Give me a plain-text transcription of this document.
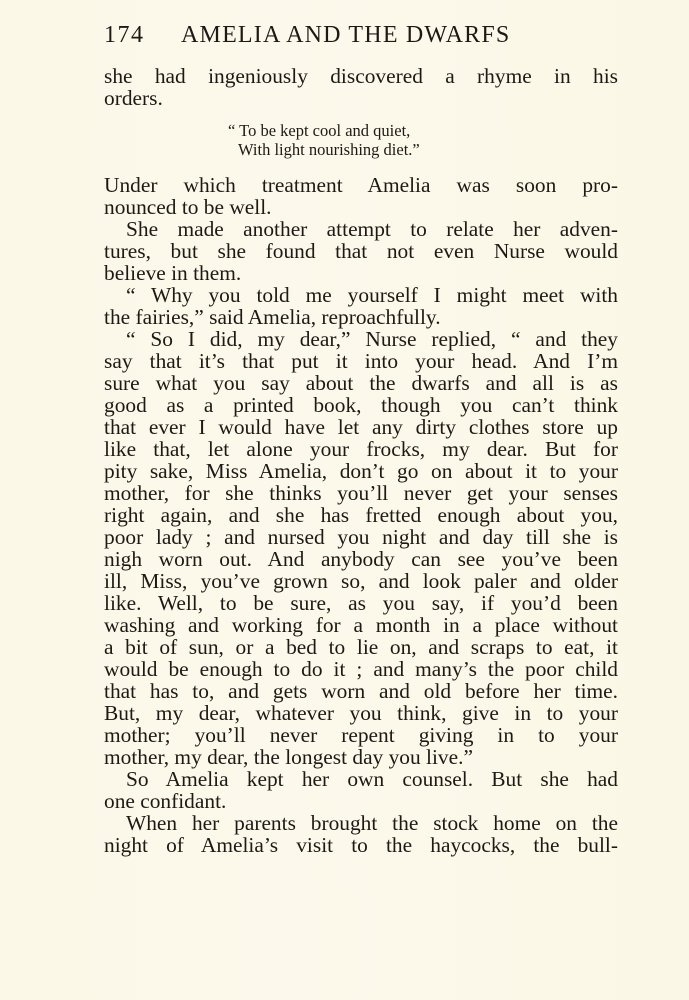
174 AMELIA AND THE DWARFS
she had ingeniously discovered a rhyme in his
orders.
“ To be kept cool and quiet,
With light nourishing diet.”
Under which treatment Amelia was soon pro-
nounced to be well.
She made another attempt to relate her adven-
tures, but she found that not even Nurse would
believe in them.
“ Why you told me yourself I might meet with
the fairies,” said Amelia, reproachfully.
“ So I did, my dear,” Nurse replied, “ and they
say that it’s that put it into your head. And I’m
sure what you say about the dwarfs and all is as
good as a printed book, though you can’t think
that ever I would have let any dirty clothes store up
like that, let alone your frocks, my dear. But for
pity sake, Miss Amelia, don’t go on about it to your
mother, for she thinks you’ll never get your senses
right again, and she has fretted enough about you,
poor lady ; and nursed you night and day till she is
nigh worn out. And anybody can see you’ve been
ill, Miss, you’ve grown so, and look paler and older
like. Well, to be sure, as you say, if you’d been
washing and working for a month in a place without
a bit of sun, or a bed to lie on, and scraps to eat, it
would be enough to do it ; and many’s the poor child
that has to, and gets worn and old before her time.
But, my dear, whatever you think, give in to your
mother; you’ll never repent giving in to your
mother, my dear, the longest day you live.”
So Amelia kept her own counsel. But she had
one confidant.
When her parents brought the stock home on the
night of Amelia’s visit to the haycocks, the bull-
